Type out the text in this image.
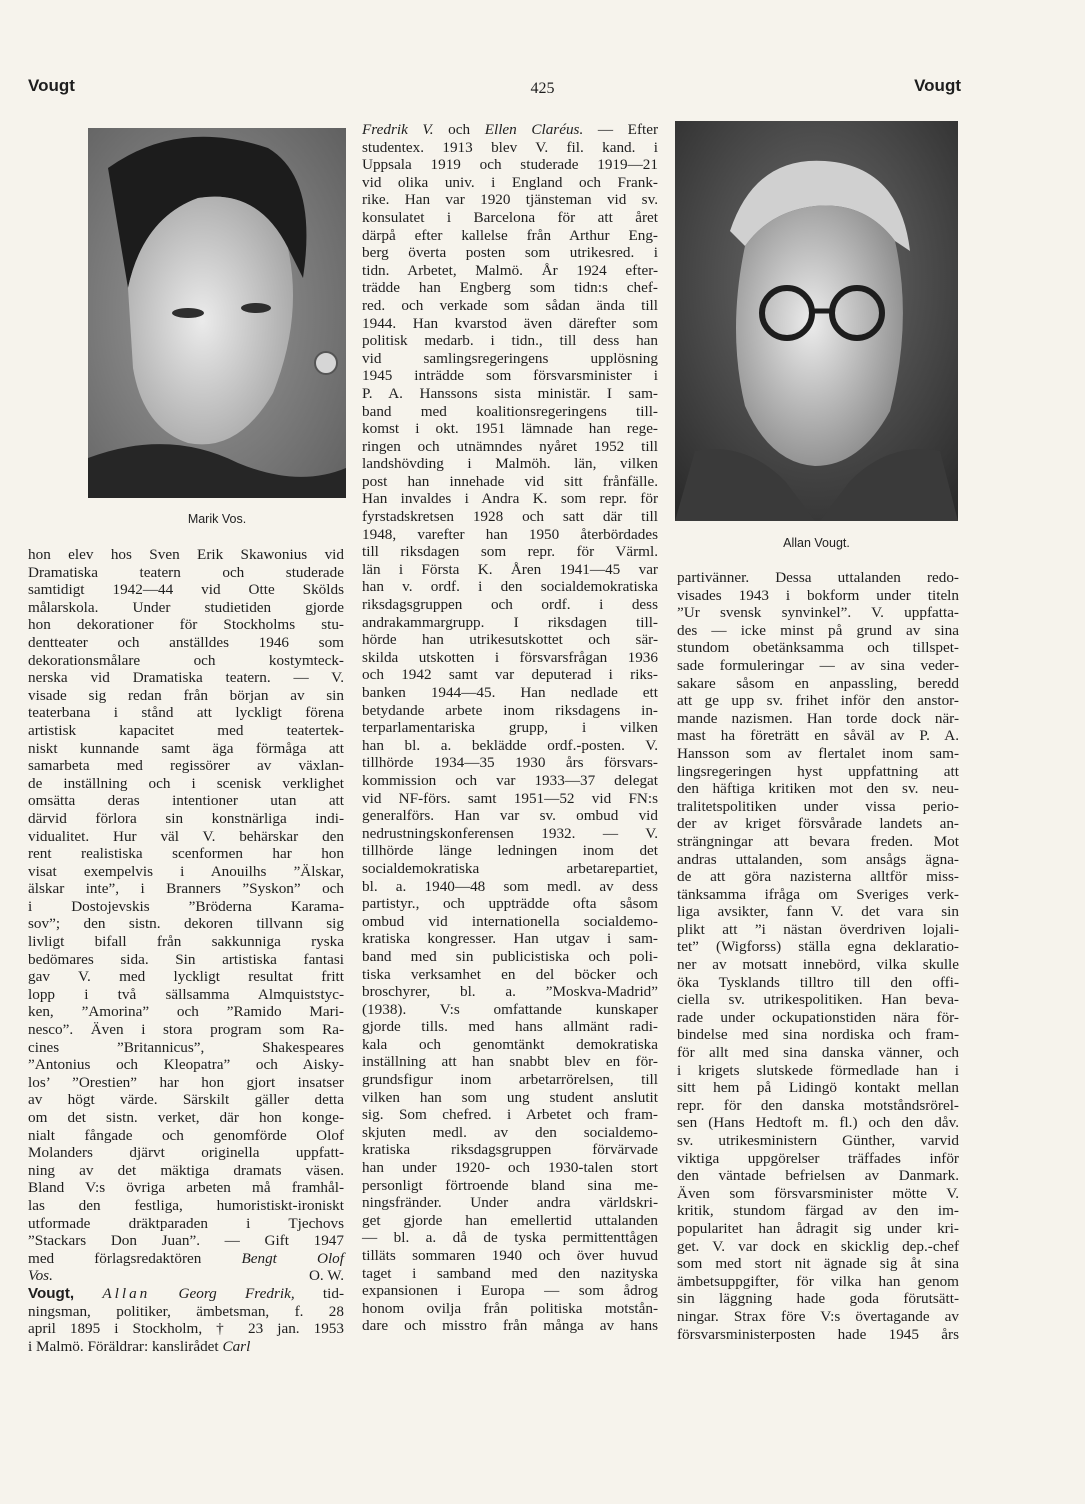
Vougt	425	Vougt
Marik Vos.
Allan Vougt.
hon elev hos Sven Erik Skawonius vid
Dramatiska teatern och studerade
samtidigt 1942—44 vid Otte Skölds
målarskola. Under studietiden gjorde
hon dekorationer för Stockholms stu-
dentteater och anställdes 1946 som
dekorationsmålare och kostymteck-
nerska vid Dramatiska teatern. — V.
visade sig redan från början av sin
teaterbana i stånd att lyckligt förena
artistisk kapacitet med teatertek-
niskt kunnande samt äga förmåga att
samarbeta med regissörer av växlan-
de inställning och i scenisk verklighet
omsätta deras intentioner utan att
därvid förlora sin konstnärliga indi-
vidualitet. Hur väl V. behärskar den
rent realistiska scenformen har hon
visat exempelvis i Anouilhs ”Älskar,
älskar inte”, i Branners ”Syskon” och
i Dostojevskis ”Bröderna Karama-
sov”; den sistn. dekoren tillvann sig
livligt bifall från sakkunniga ryska
bedömares sida. Sin artistiska fantasi
gav V. med lyckligt resultat fritt
lopp i två sällsamma Almquiststyc-
ken, ”Amorina” och ”Ramido Mari-
nesco”. Även i stora program som Ra-
cines ”Britannicus”, Shakespeares
”Antonius och Kleopatra” och Aisky-
los’ ”Orestien” har hon gjort insatser
av högt värde. Särskilt gäller detta
om det sistn. verket, där hon konge-
nialt fångade och genomförde Olof
Molanders djärvt originella uppfatt-
ning av det mäktiga dramats väsen.
Bland V:s övriga arbeten må framhål-
las den festliga, humoristiskt-ironiskt
utformade dräktparaden i Tjechovs
”Stackars Don Juan”. — Gift 1947
med förlagsredaktören	Bengt Olof
Vos.	O. W.
Vougt, Allan Georg Fredrik, tid-
ningsman, politiker, ämbetsman, f. 28
april 1895 i Stockholm, † 23 jan. 1953
i Malmö. Föräldrar: kanslirådet Carl
Fredrik V. och Ellen Claréus. — Efter
studentex. 1913 blev V. fil. kand. i
Uppsala 1919 och studerade 1919—21
vid olika univ. i England och Frank-
rike. Han var 1920 tjänsteman vid sv.
konsulatet i Barcelona för att året
därpå efter kallelse från Arthur Eng-
berg överta posten som utrikesred. i
tidn. Arbetet, Malmö. År 1924 efter-
trädde han Engberg som tidn:s chef-
red. och verkade som sådan ända till
1944. Han kvarstod även därefter som
politisk medarb. i tidn., till dess han
vid samlingsregeringens upplösning
1945 inträdde som försvarsminister i
P. A. Hanssons sista ministär. I sam-
band med koalitionsregeringens till-
komst i okt. 1951 lämnade han rege-
ringen och utnämndes nyåret 1952 till
landshövding i Malmöh. län, vilken
post han innehade vid sitt frånfälle.
Han invaldes i Andra K. som repr. för
fyrstadskretsen 1928 och satt där till
1948, varefter han 1950 återbördades
till riksdagen som repr. för Värml.
län i Första K. Åren 1941—45 var
han v. ordf. i den socialdemokratiska
riksdagsgruppen och ordf. i dess
andrakammargrupp. I riksdagen till-
hörde han utrikesutskottet och sär-
skilda utskotten i försvarsfrågan 1936
och 1942 samt var deputerad i riks-
banken 1944—45. Han nedlade ett
betydande arbete inom riksdagens in-
terparlamentariska grupp, i vilken
han bl. a. beklädde ordf.-posten. V.
tillhörde 1934—35 1930 års försvars-
kommission och var 1933—37 delegat
vid NF-förs. samt 1951—52 vid FN:s
generalförs. Han var sv. ombud vid
nedrustningskonferensen 1932. — V.
tillhörde länge ledningen inom det
socialdemokratiska arbetarepartiet,
bl. a. 1940—48 som medl. av dess
partistyr., och uppträdde ofta såsom
ombud vid internationella socialdemo-
kratiska kongresser. Han utgav i sam-
band med sin publicistiska och poli-
tiska verksamhet en del böcker och
broschyrer, bl. a. ”Moskva-Madrid”
(1938). V:s omfattande kunskaper
gjorde tills. med hans allmänt radi-
kala och genomtänkt demokratiska
inställning att han snabbt blev en för-
grundsfigur inom arbetarrörelsen, till
vilken han som ung student anslutit
sig. Som chefred. i Arbetet och fram-
skjuten medl. av den socialdemo-
kratiska riksdagsgruppen förvärvade
han under 1920- och 1930-talen stort
personligt förtroende bland sina me-
ningsfränder. Under andra världskri-
get gjorde han emellertid uttalanden
— bl. a. då de tyska permittenttågen
tilläts sommaren 1940 och över huvud
taget i samband med den nazityska
expansionen i Europa — som ådrog
honom ovilja från politiska motstån-
dare och misstro från många av hans
partivänner. Dessa uttalanden redo-
visades 1943 i bokform under titeln
”Ur svensk synvinkel”. V. uppfatta-
des — icke minst på grund av sina
stundom obetänksamma och tillspet-
sade formuleringar — av sina veder-
sakare såsom en anpassling, beredd
att ge upp sv. frihet inför den anstor-
mande nazismen. Han torde dock när-
mast ha företrätt en såväl av P. A.
Hansson som av flertalet inom sam-
lingsregeringen hyst uppfattning att
den häftiga kritiken mot den sv. neu-
tralitetspolitiken under vissa perio-
der av kriget försvårade landets an-
strängningar att bevara freden. Mot
andras uttalanden, som ansågs ägna-
de att göra nazisterna alltför miss-
tänksamma ifråga om Sveriges verk-
liga avsikter, fann V. det vara sin
plikt att ”i nästan överdriven lojali-
tet” (Wigforss) ställa egna deklaratio-
ner av motsatt innebörd, vilka skulle
öka Tysklands tilltro till den offi-
ciella sv. utrikespolitiken. Han beva-
rade under ockupationstiden nära för-
bindelse med sina nordiska och fram-
för allt med sina danska vänner, och
i krigets slutskede förmedlade han i
sitt hem på Lidingö kontakt mellan
repr. för den danska motståndsrörel-
sen (Hans Hedtoft m. fl.) och den dåv.
sv. utrikesministern Günther, varvid
viktiga uppgörelser träffades inför
den väntade befrielsen av Danmark.
Även som försvarsminister mötte V.
kritik, stundom färgad av den im-
popularitet han ådragit sig under kri-
get. V. var dock en skicklig dep.-chef
som med stort nit ägnade sig åt sina
ämbetsuppgifter, för vilka han genom
sin läggning hade goda förutsätt-
ningar. Strax före V:s övertagande av
försvarsministerposten hade 1945 års
